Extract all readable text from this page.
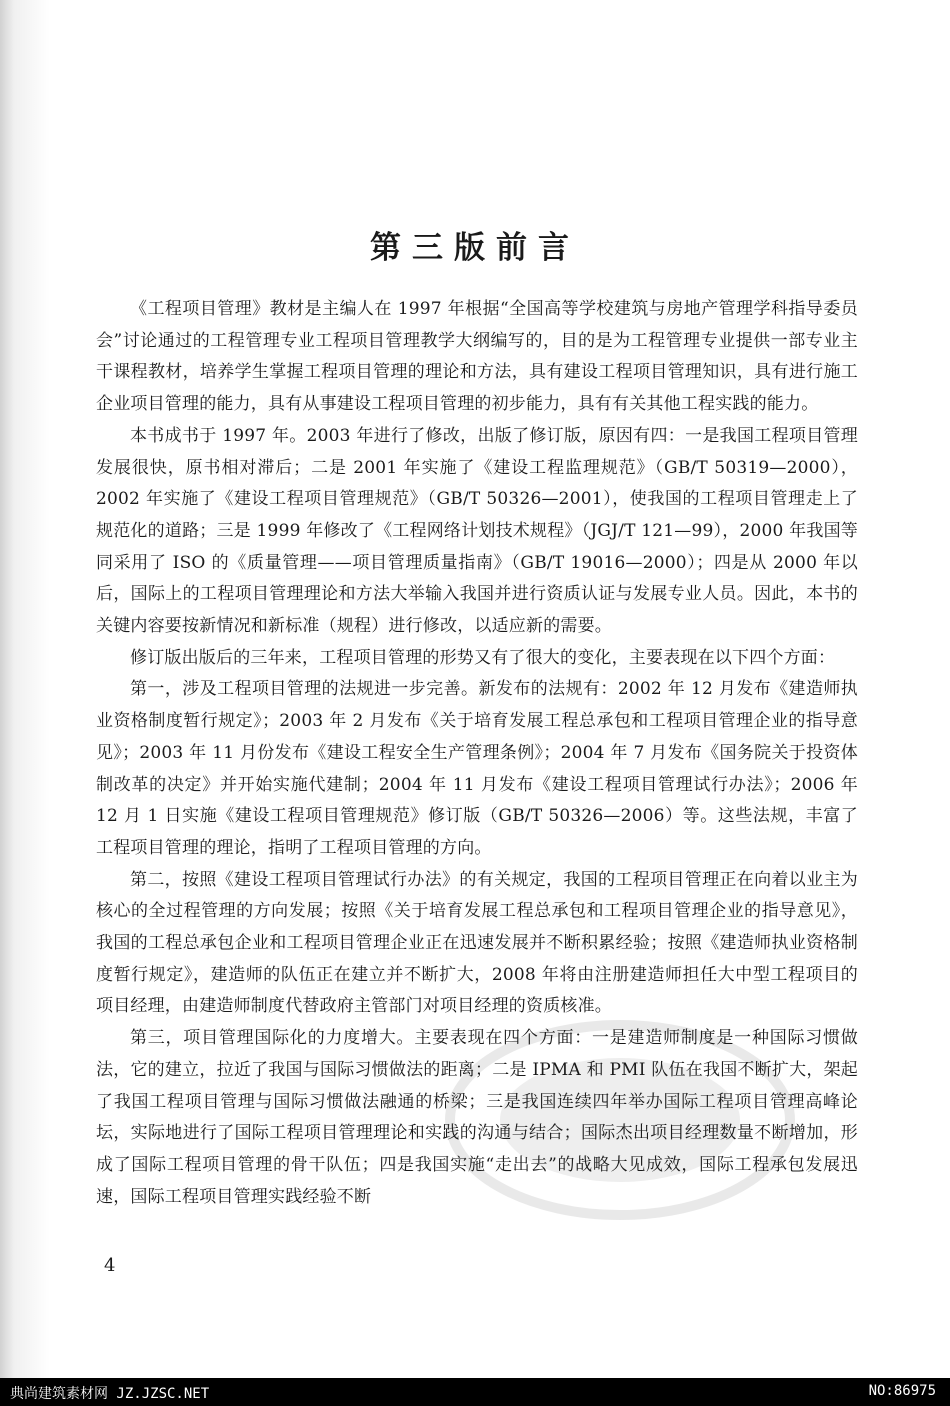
第三版前言

《工程项目管理》教材是主编人在 1997 年根据“全国高等学校建筑与房地产管理学科指导委员会”讨论通过的工程管理专业工程项目管理教学大纲编写的，目的是为工程管理专业提供一部专业主干课程教材，培养学生掌握工程项目管理的理论和方法，具有建设工程项目管理知识，具有进行施工企业项目管理的能力，具有从事建设工程项目管理的初步能力，具有有关其他工程实践的能力。

本书成书于 1997 年。2003 年进行了修改，出版了修订版，原因有四：一是我国工程项目管理发展很快，原书相对滞后；二是 2001 年实施了《建设工程监理规范》（GB/T 50319—2000），2002 年实施了《建设工程项目管理规范》（GB/T 50326—2001），使我国的工程项目管理走上了规范化的道路；三是 1999 年修改了《工程网络计划技术规程》（JGJ/T 121—99），2000 年我国等同采用了 ISO 的《质量管理——项目管理质量指南》（GB/T 19016—2000）；四是从 2000 年以后，国际上的工程项目管理理论和方法大举输入我国并进行资质认证与发展专业人员。因此，本书的关键内容要按新情况和新标准（规程）进行修改，以适应新的需要。

修订版出版后的三年来，工程项目管理的形势又有了很大的变化，主要表现在以下四个方面：

第一，涉及工程项目管理的法规进一步完善。新发布的法规有：2002 年 12 月发布《建造师执业资格制度暂行规定》；2003 年 2 月发布《关于培育发展工程总承包和工程项目管理企业的指导意见》；2003 年 11 月份发布《建设工程安全生产管理条例》；2004 年 7 月发布《国务院关于投资体制改革的决定》并开始实施代建制；2004 年 11 月发布《建设工程项目管理试行办法》；2006 年 12 月 1 日实施《建设工程项目管理规范》修订版（GB/T 50326—2006）等。这些法规，丰富了工程项目管理的理论，指明了工程项目管理的方向。

第二，按照《建设工程项目管理试行办法》的有关规定，我国的工程项目管理正在向着以业主为核心的全过程管理的方向发展；按照《关于培育发展工程总承包和工程项目管理企业的指导意见》，我国的工程总承包企业和工程项目管理企业正在迅速发展并不断积累经验；按照《建造师执业资格制度暂行规定》，建造师的队伍正在建立并不断扩大，2008 年将由注册建造师担任大中型工程项目的项目经理，由建造师制度代替政府主管部门对项目经理的资质核准。

第三，项目管理国际化的力度增大。主要表现在四个方面：一是建造师制度是一种国际习惯做法，它的建立，拉近了我国与国际习惯做法的距离；二是 IPMA 和 PMI 队伍在我国不断扩大，架起了我国工程项目管理与国际习惯做法融通的桥梁；三是我国连续四年举办国际工程项目管理高峰论坛，实际地进行了国际工程项目管理理论和实践的沟通与结合；国际杰出项目经理数量不断增加，形成了国际工程项目管理的骨干队伍；四是我国实施“走出去”的战略大见成效，国际工程承包发展迅速，国际工程项目管理实践经验不断

4
典尚建筑素材网 JZ.JZSC.NET	NO:86975
